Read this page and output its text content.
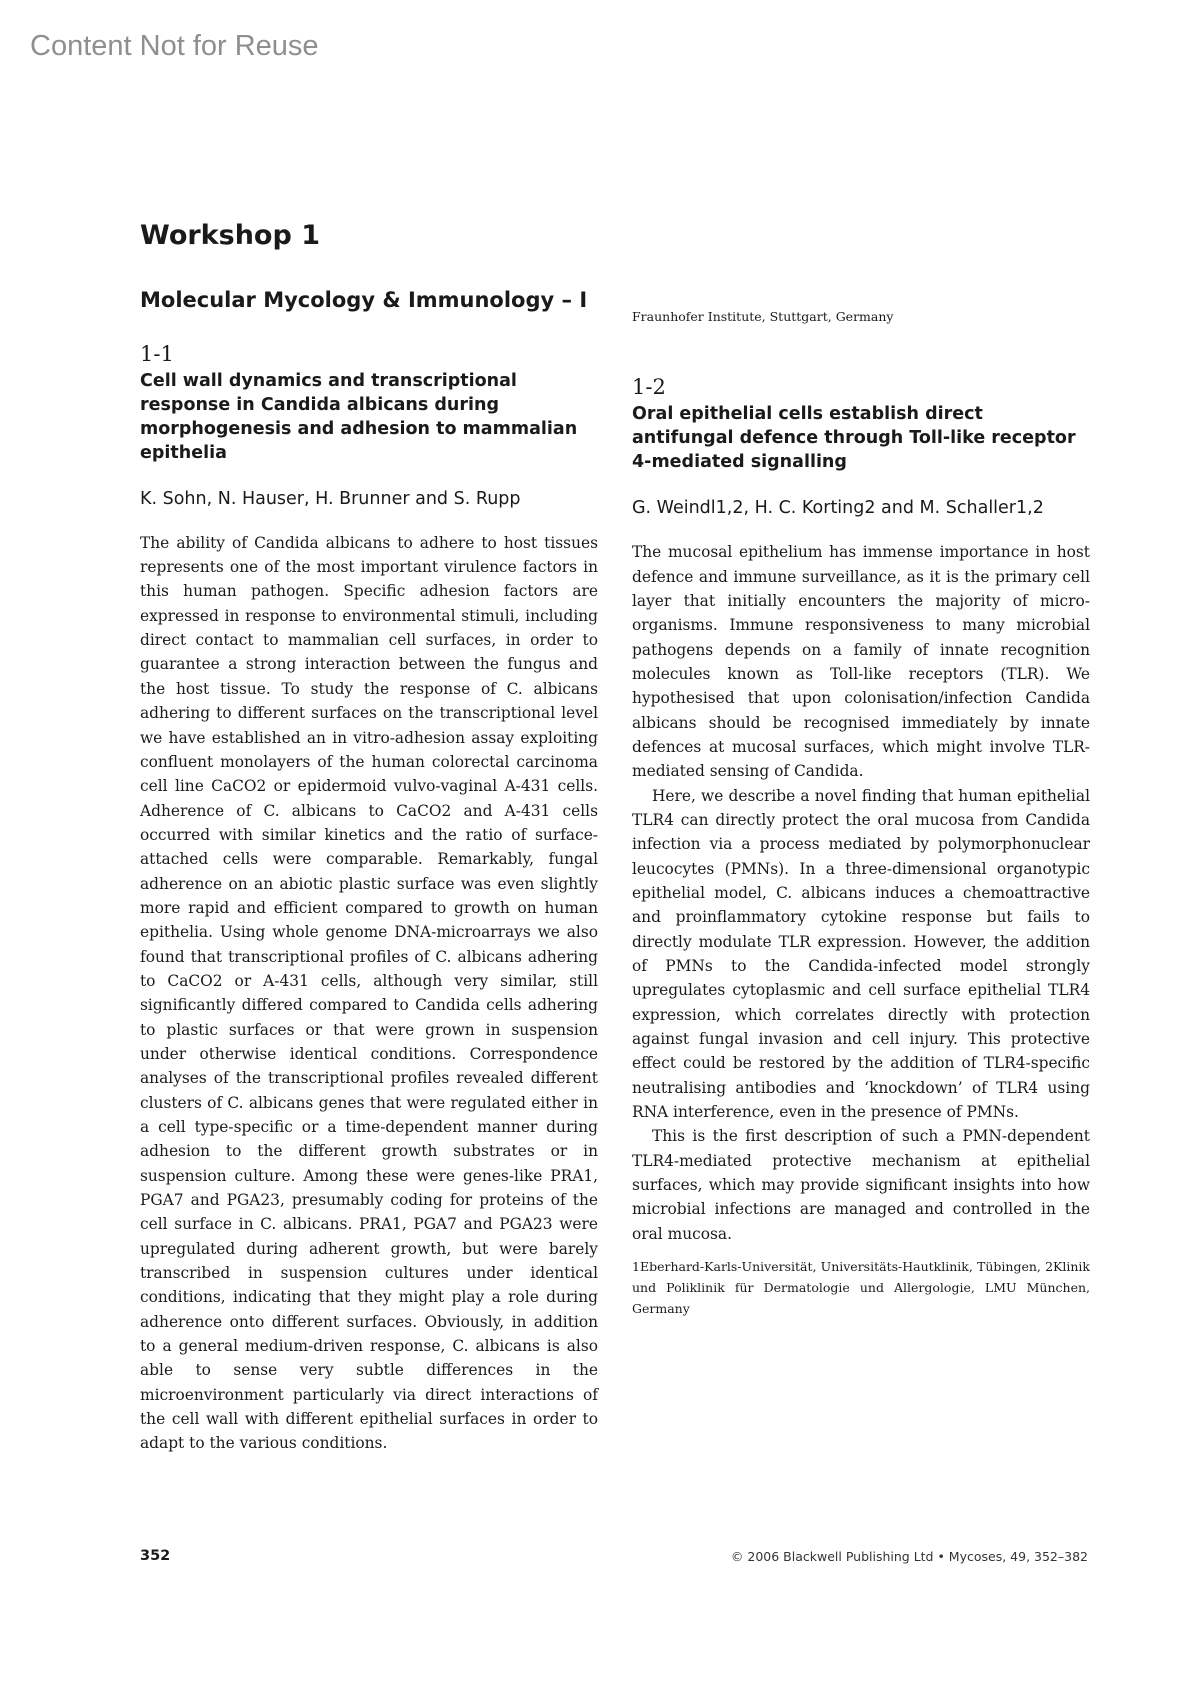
Content Not for Reuse
Workshop 1
Molecular Mycology & Immunology – I

1-1

Cell wall dynamics and transcriptional response in Candida albicans during morphogenesis and adhesion to mammalian epithelia

K. Sohn, N. Hauser, H. Brunner and S. Rupp

The ability of Candida albicans to adhere to host tissues represents one of the most important virulence factors in this human pathogen. Specific adhesion factors are expressed in response to environmental stimuli, including direct contact to mammalian cell surfaces, in order to guarantee a strong interaction between the fungus and the host tissue. To study the response of C. albicans adhering to different surfaces on the transcriptional level we have established an in vitro-adhesion assay exploiting confluent monolayers of the human colorectal carcinoma cell line CaCO2 or epidermoid vulvo-vaginal A-431 cells. Adherence of C. albicans to CaCO2 and A-431 cells occurred with similar kinetics and the ratio of surface-attached cells were comparable. Remarkably, fungal adherence on an abiotic plastic surface was even slightly more rapid and efficient compared to growth on human epithelia. Using whole genome DNA-microarrays we also found that transcriptional profiles of C. albicans adhering to CaCO2 or A-431 cells, although very similar, still significantly differed compared to Candida cells adhering to plastic surfaces or that were grown in suspension under otherwise identical conditions. Correspondence analyses of the transcriptional profiles revealed different clusters of C. albicans genes that were regulated either in a cell type-specific or a time-dependent manner during adhesion to the different growth substrates or in suspension culture. Among these were genes-like PRA1, PGA7 and PGA23, presumably coding for proteins of the cell surface in C. albicans. PRA1, PGA7 and PGA23 were upregulated during adherent growth, but were barely transcribed in suspension cultures under identical conditions, indicating that they might play a role during adherence onto different surfaces. Obviously, in addition to a general medium-driven response, C. albicans is also able to sense very subtle differences in the microenvironment particularly via direct interactions of the cell wall with different epithelial surfaces in order to adapt to the various conditions.

Fraunhofer Institute, Stuttgart, Germany

1-2

Oral epithelial cells establish direct antifungal defence through Toll-like receptor 4-mediated signalling

G. Weindl1,2, H. C. Korting2 and M. Schaller1,2

The mucosal epithelium has immense importance in host defence and immune surveillance, as it is the primary cell layer that initially encounters the majority of micro-organisms. Immune responsiveness to many microbial pathogens depends on a family of innate recognition molecules known as Toll-like receptors (TLR). We hypothesised that upon colonisation/infection Candida albicans should be recognised immediately by innate defences at mucosal surfaces, which might involve TLR-mediated sensing of Candida.

Here, we describe a novel finding that human epithelial TLR4 can directly protect the oral mucosa from Candida infection via a process mediated by polymorphonuclear leucocytes (PMNs). In a three-dimensional organotypic epithelial model, C. albicans induces a chemoattractive and proinflammatory cytokine response but fails to directly modulate TLR expression. However, the addition of PMNs to the Candida-infected model strongly upregulates cytoplasmic and cell surface epithelial TLR4 expression, which correlates directly with protection against fungal invasion and cell injury. This protective effect could be restored by the addition of TLR4-specific neutralising antibodies and ‘knockdown’ of TLR4 using RNA interference, even in the presence of PMNs.

This is the first description of such a PMN-dependent TLR4-mediated protective mechanism at epithelial surfaces, which may provide significant insights into how microbial infections are managed and controlled in the oral mucosa.

1Eberhard-Karls-Universität, Universitäts-Hautklinik, Tübingen, 2Klinik und Poliklinik für Dermatologie und Allergologie, LMU München, Germany

352	© 2006 Blackwell Publishing Ltd • Mycoses, 49, 352–382
